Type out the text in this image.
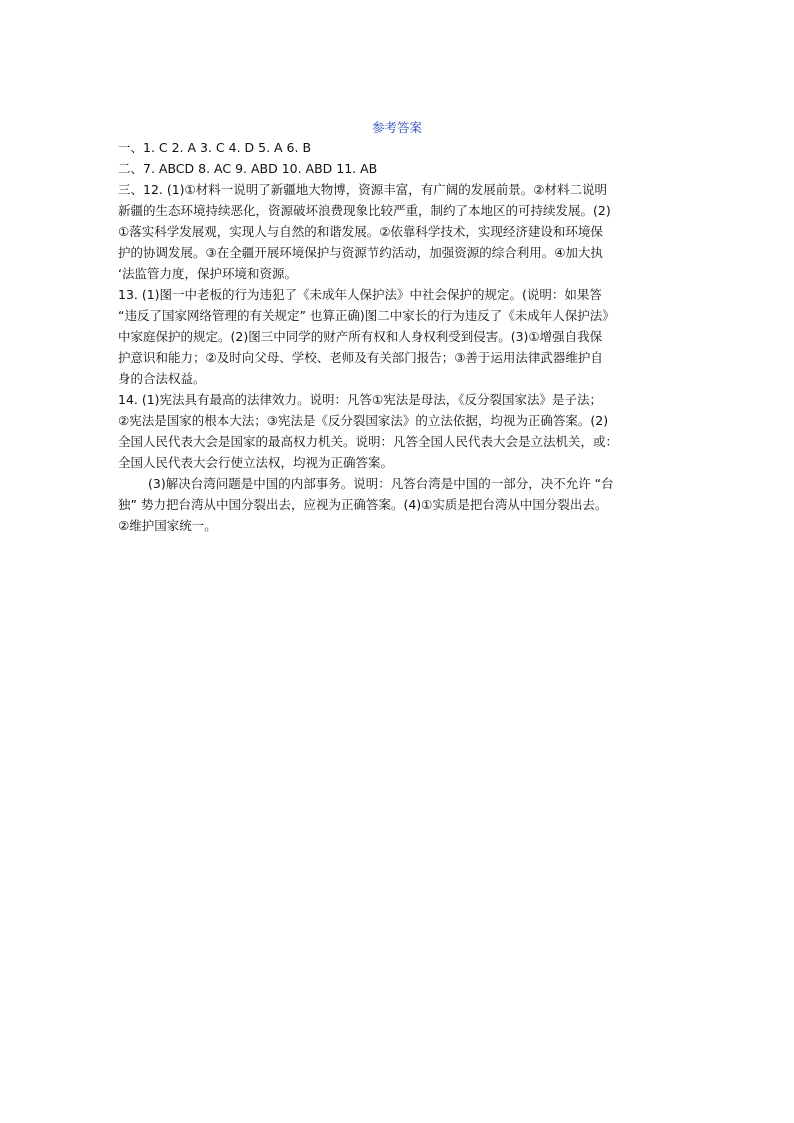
参考答案
一、1. C 2. A 3. C 4. D 5. A 6. B
二、7. ABCD 8. AC 9. ABD 10. ABD 11. AB
三、12. (1)①材料一说明了新疆地大物博，资源丰富，有广阔的发展前景。②材料二说明
新疆的生态环境持续恶化，资源破坏浪费现象比较严重，制约了本地区的可持续发展。(2)
①落实科学发展观，实现人与自然的和谐发展。②依靠科学技术，实现经济建设和环境保
护的协调发展。③在全疆开展环境保护与资源节约活动，加强资源的综合利用。④加大执
‘法监管力度，保护环境和资源。
13. (1)图一中老板的行为违犯了《未成年人保护法》中社会保护的规定。(说明：如果答
“违反了国家网络管理的有关规定” 也算正确)图二中家长的行为违反了《未成年人保护法》
中家庭保护的规定。(2)图三中同学的财产所有权和人身权利受到侵害。(3)①增强自我保
护意识和能力；②及时向父母、学校、老师及有关部门报告；③善于运用法律武器维护自
身的合法权益。
14. (1)宪法具有最高的法律效力。说明：凡答①宪法是母法，《反分裂国家法》是子法；
②宪法是国家的根本大法；③宪法是《反分裂国家法》的立法依据，均视为正确答案。(2)
全国人民代表大会是国家的最高权力机关。说明：凡答全国人民代表大会是立法机关，或：
全国人民代表大会行使立法权，均视为正确答案。
(3)解决台湾问题是中国的内部事务。说明：凡答台湾是中国的一部分，决不允许 “台
独” 势力把台湾从中国分裂出去，应视为正确答案。(4)①实质是把台湾从中国分裂出去。
②维护国家统一。
